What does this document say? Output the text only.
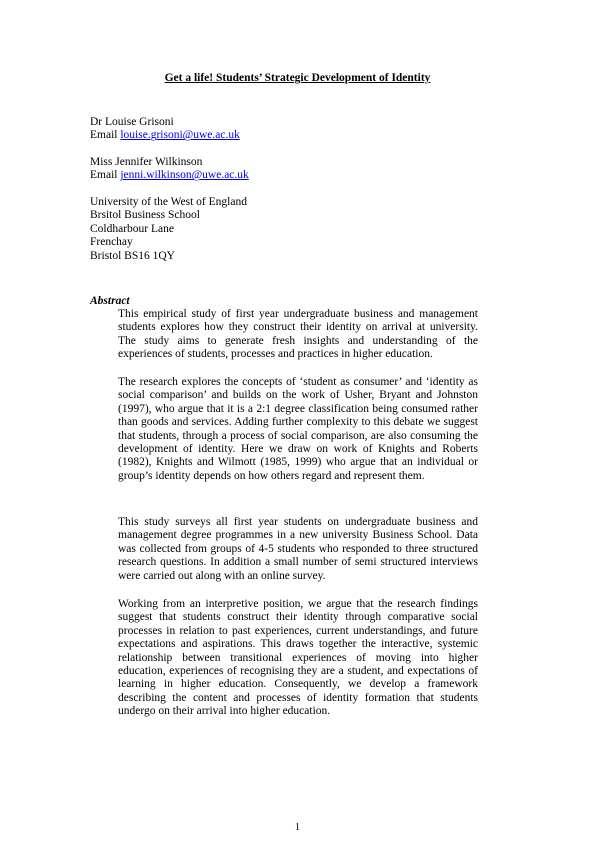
Get a life! Students’ Strategic Development of Identity
Dr Louise Grisoni
Email louise.grisoni@uwe.ac.uk
Miss Jennifer Wilkinson
Email jenni.wilkinson@uwe.ac.uk
University of the West of England
Brsitol Business School
Coldharbour Lane
Frenchay
Bristol BS16 1QY
Abstract

This empirical study of first year undergraduate business and management students explores how they construct their identity on arrival at university. The study aims to generate fresh insights and understanding of the experiences of students, processes and practices in higher education.

The research explores the concepts of ‘student as consumer’ and ‘identity as social comparison’ and builds on the work of Usher, Bryant and Johnston (1997), who argue that it is a 2:1 degree classification being consumed rather than goods and services. Adding further complexity to this debate we suggest that students, through a process of social comparison, are also consuming the development of identity. Here we draw on work of Knights and Roberts (1982), Knights and Wilmott (1985, 1999) who argue that an individual or group’s identity depends on how others regard and represent them.

This study surveys all first year students on undergraduate business and management degree programmes in a new university Business School. Data was collected from groups of 4-5 students who responded to three structured research questions. In addition a small number of semi structured interviews were carried out along with an online survey.

Working from an interpretive position, we argue that the research findings suggest that students construct their identity through comparative social processes in relation to past experiences, current understandings, and future expectations and aspirations. This draws together the interactive, systemic relationship between transitional experiences of moving into higher education, experiences of recognising they are a student, and expectations of learning in higher education. Consequently, we develop a framework describing the content and processes of identity formation that students undergo on their arrival into higher education.

1
